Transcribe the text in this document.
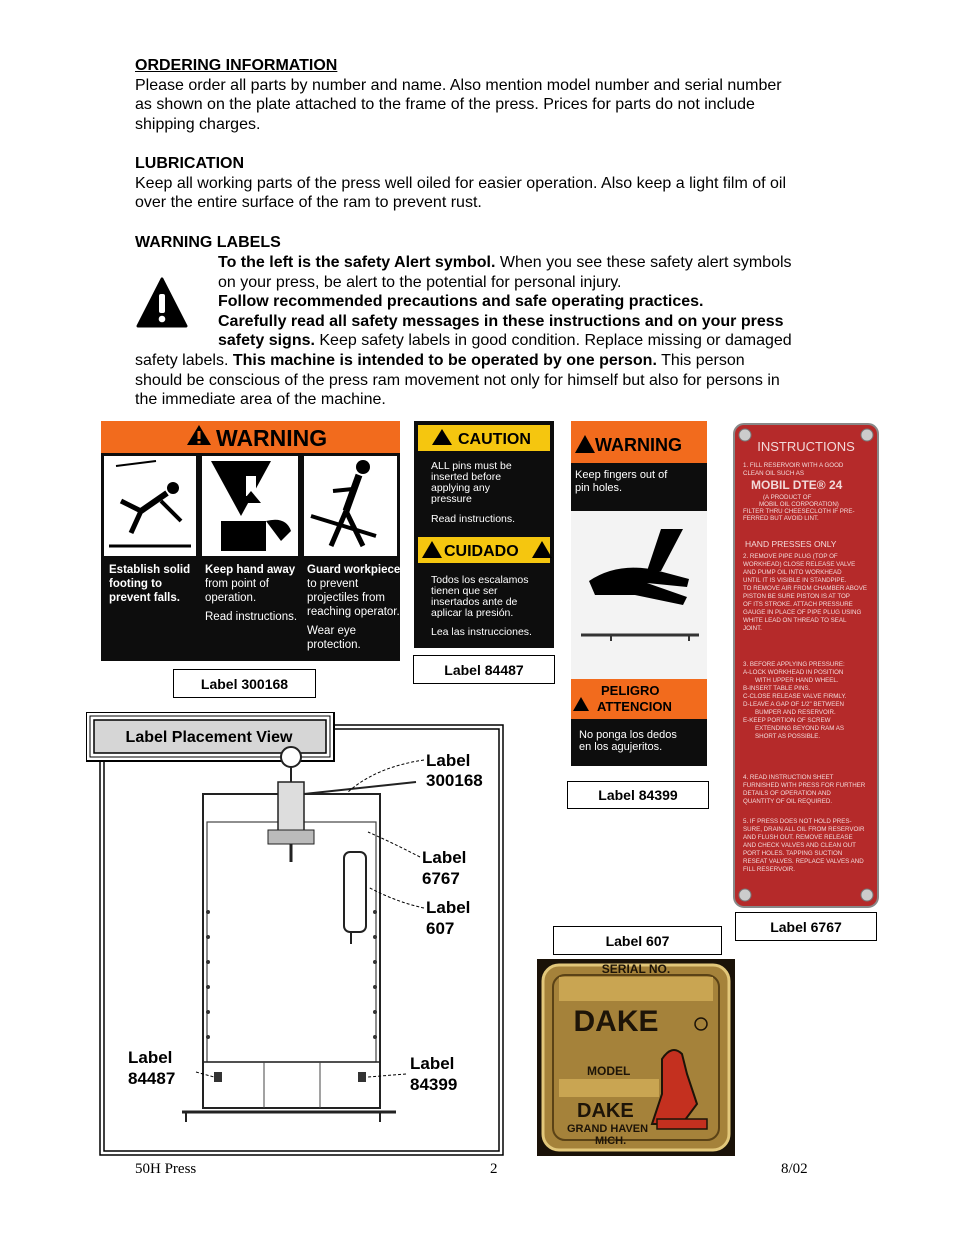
ORDERING INFORMATION
Please order all parts by number and name. Also mention model number and serial number
as shown on the plate attached to the frame of the press. Prices for parts do not include
shipping charges.
LUBRICATION
Keep all working parts of the press well oiled for easier operation. Also keep a light film of oil
over the entire surface of the ram to prevent rust.
WARNING LABELS
To the left is the safety Alert symbol. When you see these safety alert symbols
on your press, be alert to the potential for personal injury.
Follow recommended precautions and safe operating practices.
Carefully read all safety messages in these instructions and on your press
safety signs. Keep safety labels in good condition. Replace missing or damaged
safety labels. This machine is intended to be operated by one person. This person
should be conscious of the press ram movement not only for himself but also for persons in
the immediate area of the machine.
WARNING
Establish solid
footing to
prevent falls.
Keep hand away
from point of
operation.
Read instructions.
Guard workpiece
to prevent
projectiles from
reaching operator.
Wear eye
protection.
Label 300168
CAUTION
ALL pins must be
inserted before
applying any
pressure
Read instructions.
CUIDADO
Todos los escalamos
tienen que ser
insertados ante de
aplicar la presión.
Lea las instrucciones.
Label 84487
WARNING
Keep fingers out of
pin holes.
PELIGRO
ATTENCION
No ponga los dedos
en los agujeritos.
Label 84399
INSTRUCTIONS
1. FILL RESERVOIR WITH A GOOD
CLEAN OIL SUCH AS
MOBIL DTE® 24
(A PRODUCT OF
MOBIL OIL CORPORATION)
FILTER THRU CHEESECLOTH IF PRE-
FERRED BUT AVOID LINT.
HAND PRESSES ONLY
2. REMOVE PIPE PLUG (TOP OF
WORKHEAD) CLOSE RELEASE VALVE
AND PUMP OIL INTO WORKHEAD
UNTIL IT IS VISIBLE IN STANDPIPE.
TO REMOVE AIR FROM CHAMBER ABOVE
PISTON BE SURE PISTON IS AT TOP
OF ITS STROKE. ATTACH PRESSURE
GAUGE IN PLACE OF PIPE PLUG USING
WHITE LEAD ON THREAD TO SEAL
JOINT.
3. BEFORE APPLYING PRESSURE:
A-LOCK WORKHEAD IN POSITION
WITH UPPER HAND WHEEL.
B-INSERT TABLE PINS.
C-CLOSE RELEASE VALVE FIRMLY.
D-LEAVE A GAP OF 1/2" BETWEEN
BUMPER AND RESERVOIR.
E-KEEP PORTION OF SCREW
EXTENDING BEYOND RAM AS
SHORT AS POSSIBLE.
4. READ INSTRUCTION SHEET
FURNISHED WITH PRESS FOR FURTHER
DETAILS OF OPERATION AND
QUANTITY OF OIL REQUIRED.
5. IF PRESS DOES NOT HOLD PRES-
SURE, DRAIN ALL OIL FROM RESERVOIR
AND FLUSH OUT. REMOVE RELEASE
AND CHECK VALVES AND CLEAN OUT
PORT HOLES. TAPPING SUCTION
RESEAT VALVES. REPLACE VALVES AND
FILL RESERVOIR.
Label 6767
Label 607
SERIAL NO.
DAKE
MODEL
DAKE
GRAND HAVEN
MICH.
Label Placement View
Label
300168
Label
6767
Label
607
Label
84487
Label
84399
50H Press	2	8/02
